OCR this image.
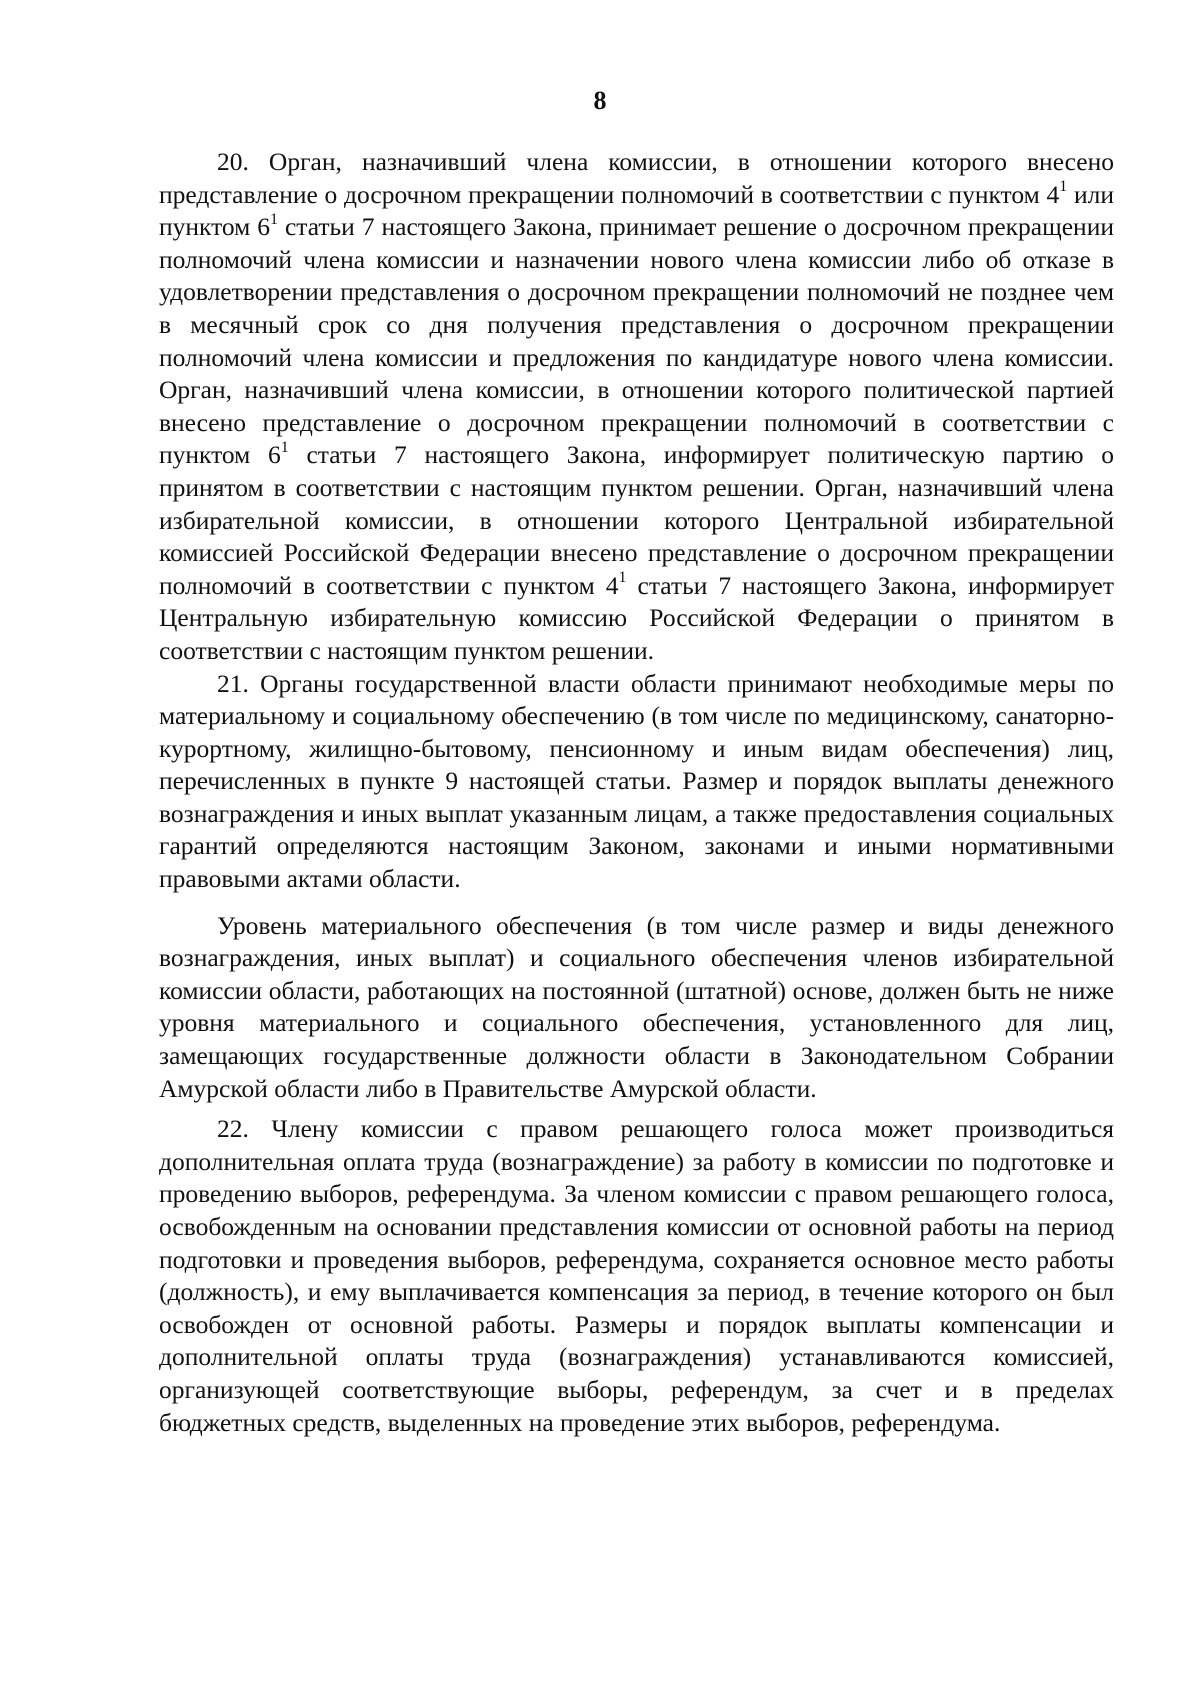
8

20. Орган, назначивший члена комиссии, в отношении которого внесено представление о досрочном прекращении полномочий в соответствии с пунктом $4^1$ или пунктом $6^1$ статьи 7 настоящего Закона, принимает решение о досрочном прекращении полномочий члена комиссии и назначении нового члена комиссии либо об отказе в удовлетворении представления о досрочном прекращении полномочий не позднее чем в месячный срок со дня получения представления о досрочном прекращении полномочий члена комиссии и предложения по кандидатуре нового члена комиссии. Орган, назначивший члена комиссии, в отношении которого политической партией внесено представление о досрочном прекращении полномочий в соответствии с пунктом $6^1$ статьи 7 настоящего Закона, информирует политическую партию о принятом в соответствии с настоящим пунктом решении. Орган, назначивший члена избирательной комиссии, в отношении которого Центральной избирательной комиссией Российской Федерации внесено представление о досрочном прекращении полномочий в соответствии с пунктом $4^1$ статьи 7 настоящего Закона, информирует Центральную избирательную комиссию Российской Федерации о принятом в соответствии с настоящим пунктом решении.

21. Органы государственной власти области принимают необходимые меры по материальному и социальному обеспечению (в том числе по медицинскому, санаторно-курортному, жилищно-бытовому, пенсионному и иным видам обеспечения) лиц, перечисленных в пункте 9 настоящей статьи. Размер и порядок выплаты денежного вознаграждения и иных выплат указанным лицам, а также предоставления социальных гарантий определяются настоящим Законом, законами и иными нормативными правовыми актами области.

Уровень материального обеспечения (в том числе размер и виды денежного вознаграждения, иных выплат) и социального обеспечения членов избирательной комиссии области, работающих на постоянной (штатной) основе, должен быть не ниже уровня материального и социального обеспечения, установленного для лиц, замещающих государственные должности области в Законодательном Собрании Амурской области либо в Правительстве Амурской области.

22. Члену комиссии с правом решающего голоса может производиться дополнительная оплата труда (вознаграждение) за работу в комиссии по подготовке и проведению выборов, референдума. За членом комиссии с правом решающего голоса, освобожденным на основании представления комиссии от основной работы на период подготовки и проведения выборов, референдума, сохраняется основное место работы (должность), и ему выплачивается компенсация за период, в течение которого он был освобожден от основной работы. Размеры и порядок выплаты компенсации и дополнительной оплаты труда (вознаграждения) устанавливаются комиссией, организующей соответствующие выборы, референдум, за счет и в пределах бюджетных средств, выделенных на проведение этих выборов, референдума.
